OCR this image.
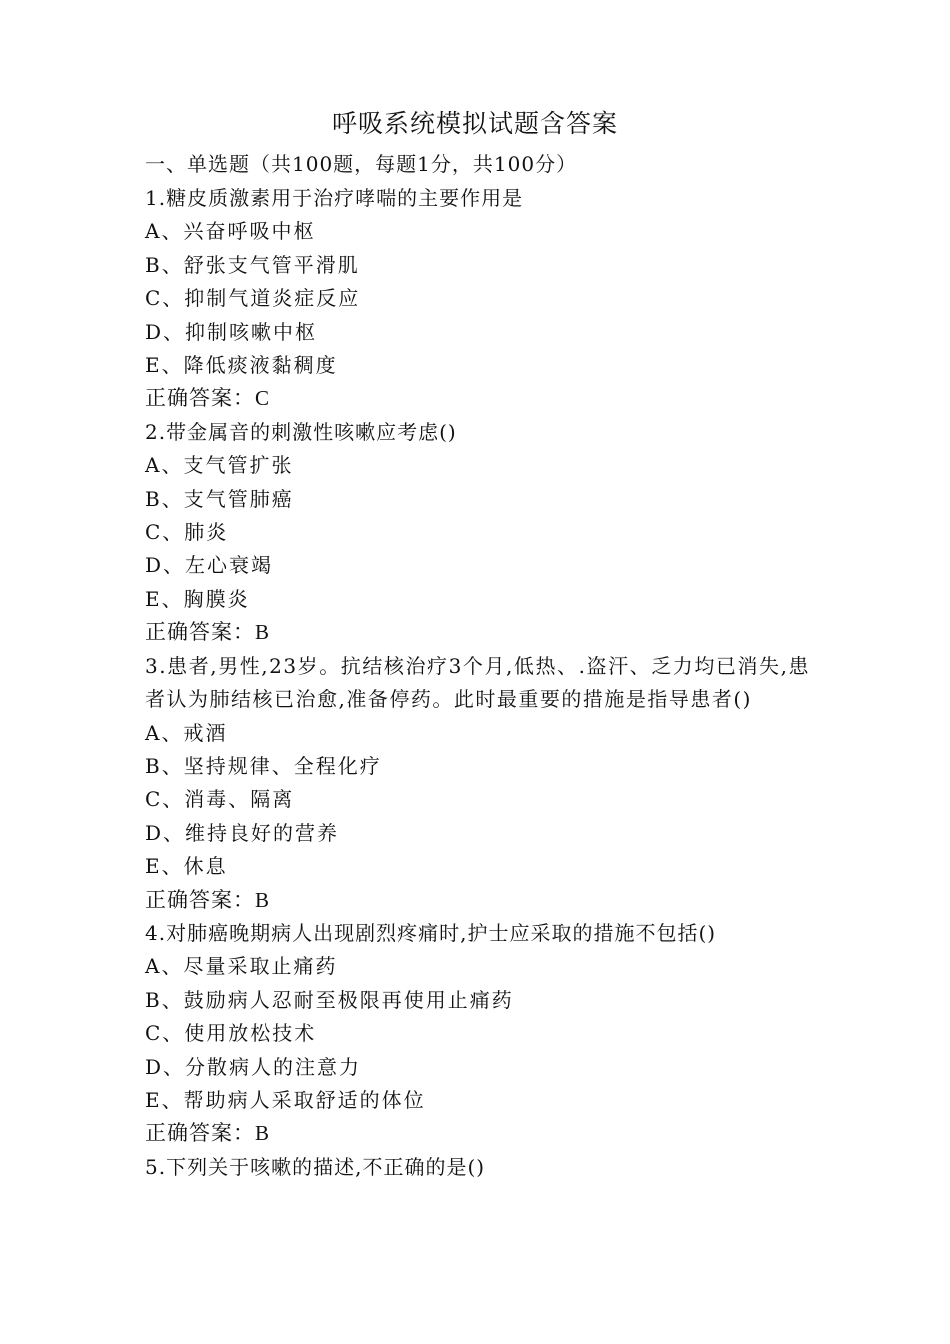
呼吸系统模拟试题含答案
一、单选题（共100题，每题1分，共100分）
1.糖皮质激素用于治疗哮喘的主要作用是
A、兴奋呼吸中枢
B、舒张支气管平滑肌
C、抑制气道炎症反应
D、抑制咳嗽中枢
E、降低痰液黏稠度
正确答案：C
2.带金属音的刺激性咳嗽应考虑()
A、支气管扩张
B、支气管肺癌
C、肺炎
D、左心衰竭
E、胸膜炎
正确答案：B
3.患者,男性,23岁。抗结核治疗3个月,低热、.盗汗、乏力均已消失,患者认为肺结核已治愈,准备停药。此时最重要的措施是指导患者()
A、戒酒
B、坚持规律、全程化疗
C、消毒、隔离
D、维持良好的营养
E、休息
正确答案：B
4.对肺癌晚期病人出现剧烈疼痛时,护士应采取的措施不包括()
A、尽量采取止痛药
B、鼓励病人忍耐至极限再使用止痛药
C、使用放松技术
D、分散病人的注意力
E、帮助病人采取舒适的体位
正确答案：B
5.下列关于咳嗽的描述,不正确的是()
